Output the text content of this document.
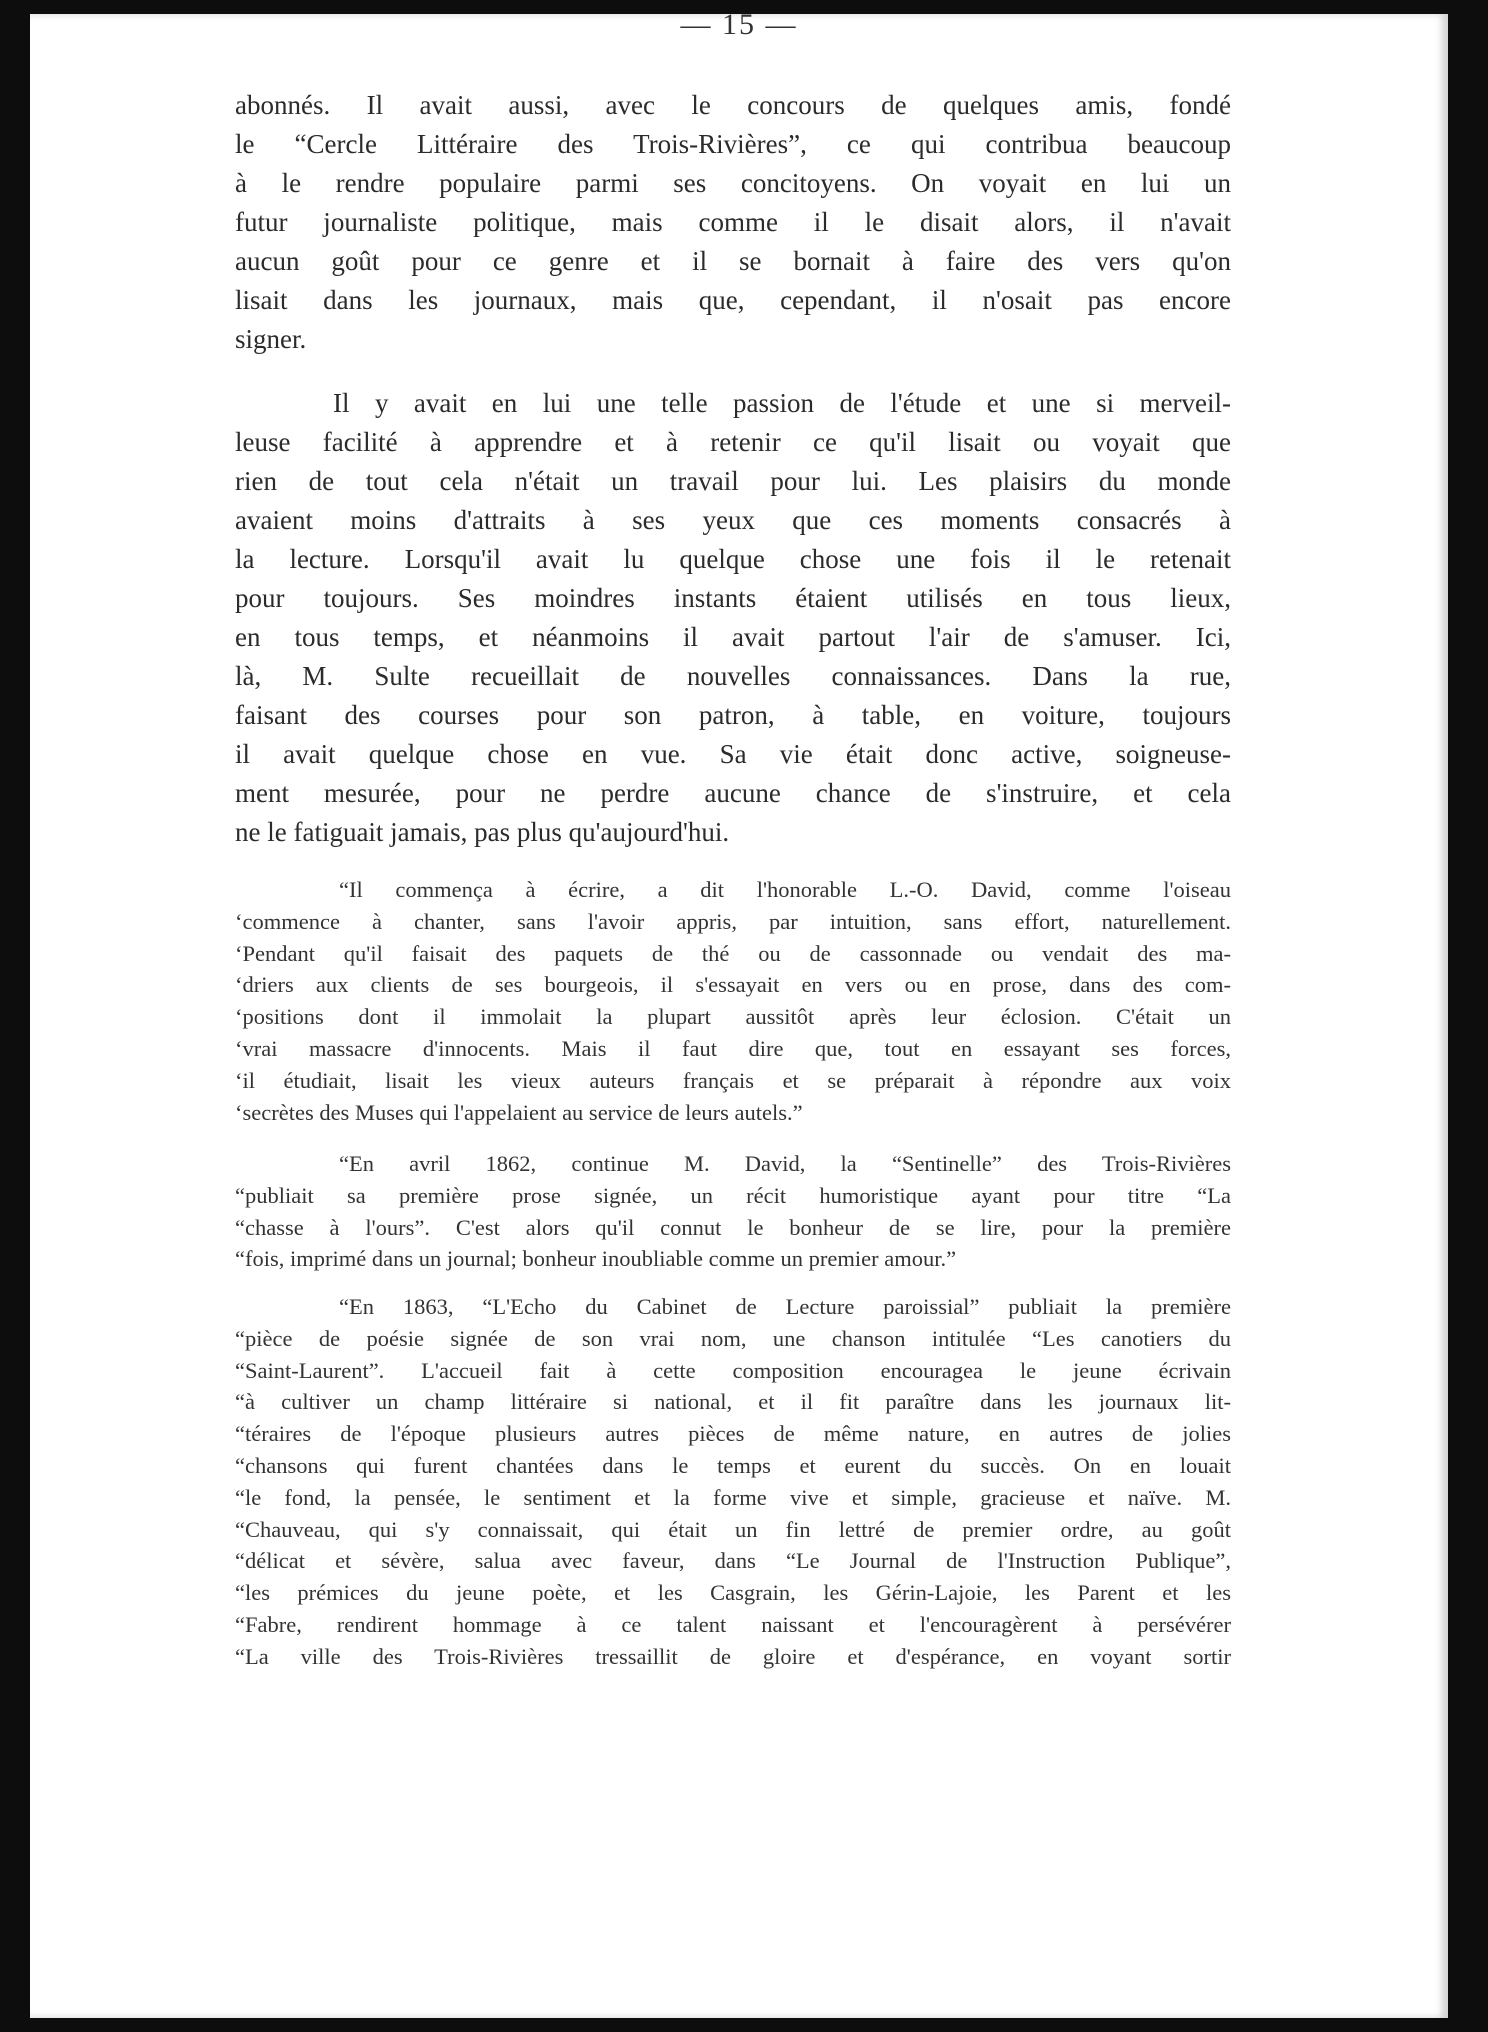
— 15 —
abonnés. Il avait aussi, avec le concours de quelques amis, fondé
le “Cercle Littéraire des Trois-Rivières”, ce qui contribua beaucoup
à le rendre populaire parmi ses concitoyens. On voyait en lui un
futur journaliste politique, mais comme il le disait alors, il n'avait
aucun goût pour ce genre et il se bornait à faire des vers qu'on
lisait dans les journaux, mais que, cependant, il n'osait pas encore
signer.
Il y avait en lui une telle passion de l'étude et une si merveil-
leuse facilité à apprendre et à retenir ce qu'il lisait ou voyait que
rien de tout cela n'était un travail pour lui. Les plaisirs du monde
avaient moins d'attraits à ses yeux que ces moments consacrés à
la lecture. Lorsqu'il avait lu quelque chose une fois il le retenait
pour toujours. Ses moindres instants étaient utilisés en tous lieux,
en tous temps, et néanmoins il avait partout l'air de s'amuser. Ici,
là, M. Sulte recueillait de nouvelles connaissances. Dans la rue,
faisant des courses pour son patron, à table, en voiture, toujours
il avait quelque chose en vue. Sa vie était donc active, soigneuse-
ment mesurée, pour ne perdre aucune chance de s'instruire, et cela
ne le fatiguait jamais, pas plus qu'aujourd'hui.
“Il commença à écrire, a dit l'honorable L.-O. David, comme l'oiseau
‘commence à chanter, sans l'avoir appris, par intuition, sans effort, naturellement.
‘Pendant qu'il faisait des paquets de thé ou de cassonnade ou vendait des ma-
‘driers aux clients de ses bourgeois, il s'essayait en vers ou en prose, dans des com-
‘positions dont il immolait la plupart aussitôt après leur éclosion. C'était un
‘vrai massacre d'innocents. Mais il faut dire que, tout en essayant ses forces,
‘il étudiait, lisait les vieux auteurs français et se préparait à répondre aux voix
‘secrètes des Muses qui l'appelaient au service de leurs autels.”
“En avril 1862, continue M. David, la “Sentinelle” des Trois-Rivières
“publiait sa première prose signée, un récit humoristique ayant pour titre “La
“chasse à l'ours”. C'est alors qu'il connut le bonheur de se lire, pour la première
“fois, imprimé dans un journal; bonheur inoubliable comme un premier amour.”
“En 1863, “L'Echo du Cabinet de Lecture paroissial” publiait la première
“pièce de poésie signée de son vrai nom, une chanson intitulée “Les canotiers du
“Saint-Laurent”. L'accueil fait à cette composition encouragea le jeune écrivain
“à cultiver un champ littéraire si national, et il fit paraître dans les journaux lit-
“téraires de l'époque plusieurs autres pièces de même nature, en autres de jolies
“chansons qui furent chantées dans le temps et eurent du succès. On en louait
“le fond, la pensée, le sentiment et la forme vive et simple, gracieuse et naïve. M.
“Chauveau, qui s'y connaissait, qui était un fin lettré de premier ordre, au goût
“délicat et sévère, salua avec faveur, dans “Le Journal de l'Instruction Publique”,
“les prémices du jeune poète, et les Casgrain, les Gérin-Lajoie, les Parent et les
“Fabre, rendirent hommage à ce talent naissant et l'encouragèrent à persévérer
“La ville des Trois-Rivières tressaillit de gloire et d'espérance, en voyant sortir
